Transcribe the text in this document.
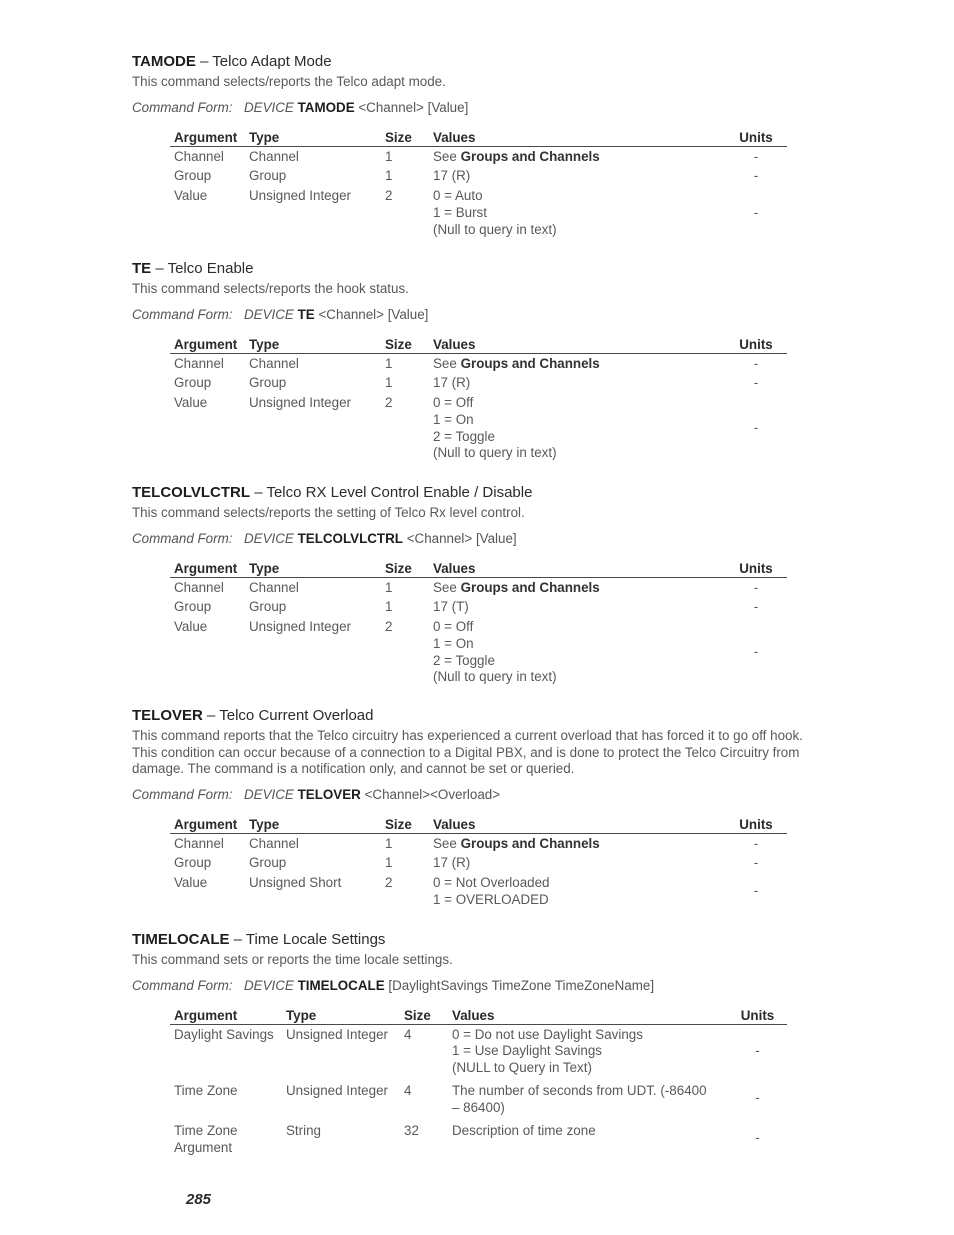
TAMODE – Telco Adapt Mode
This command selects/reports the Telco adapt mode.
Command Form: DEVICE TAMODE <Channel> [Value]
Argument	Type	Size	Values	Units
Channel	Channel	1	See Groups and Channels	-
Group	Group	1	17 (R)	-
Value	Unsigned Integer	2	0 = Auto
1 = Burst
(Null to query in text)	-
TE – Telco Enable
This command selects/reports the hook status.
Command Form: DEVICE TE <Channel> [Value]
Argument	Type	Size	Values	Units
Channel	Channel	1	See Groups and Channels	-
Group	Group	1	17 (R)	-
Value	Unsigned Integer	2	0 = Off
1 = On
2 = Toggle
(Null to query in text)	-
TELCOLVLCTRL – Telco RX Level Control Enable / Disable
This command selects/reports the setting of Telco Rx level control.
Command Form: DEVICE TELCOLVLCTRL <Channel> [Value]
Argument	Type	Size	Values	Units
Channel	Channel	1	See Groups and Channels	-
Group	Group	1	17 (T)	-
Value	Unsigned Integer	2	0 = Off
1 = On
2 = Toggle
(Null to query in text)	-
TELOVER – Telco Current Overload
This command reports that the Telco circuitry has experienced a current overload that has forced it to go off hook. This condition can occur because of a connection to a Digital PBX, and is done to protect the Telco Circuitry from damage. The command is a notification only, and cannot be set or queried.
Command Form: DEVICE TELOVER <Channel><Overload>
Argument	Type	Size	Values	Units
Channel	Channel	1	See Groups and Channels	-
Group	Group	1	17 (R)	-
Value	Unsigned Short	2	0 = Not Overloaded
1 = OVERLOADED	-
TIMELOCALE – Time Locale Settings
This command sets or reports the time locale settings.
Command Form: DEVICE TIMELOCALE [DaylightSavings TimeZone TimeZoneName]
Argument	Type	Size	Values	Units
Daylight Savings	Unsigned Integer	4	0 = Do not use Daylight Savings
1 = Use Daylight Savings
(NULL to Query in Text)	-
Time Zone	Unsigned Integer	4	The number of seconds from UDT. (-86400
– 86400)	-
Time Zone Argument	String	32	Description of time zone	-
285
